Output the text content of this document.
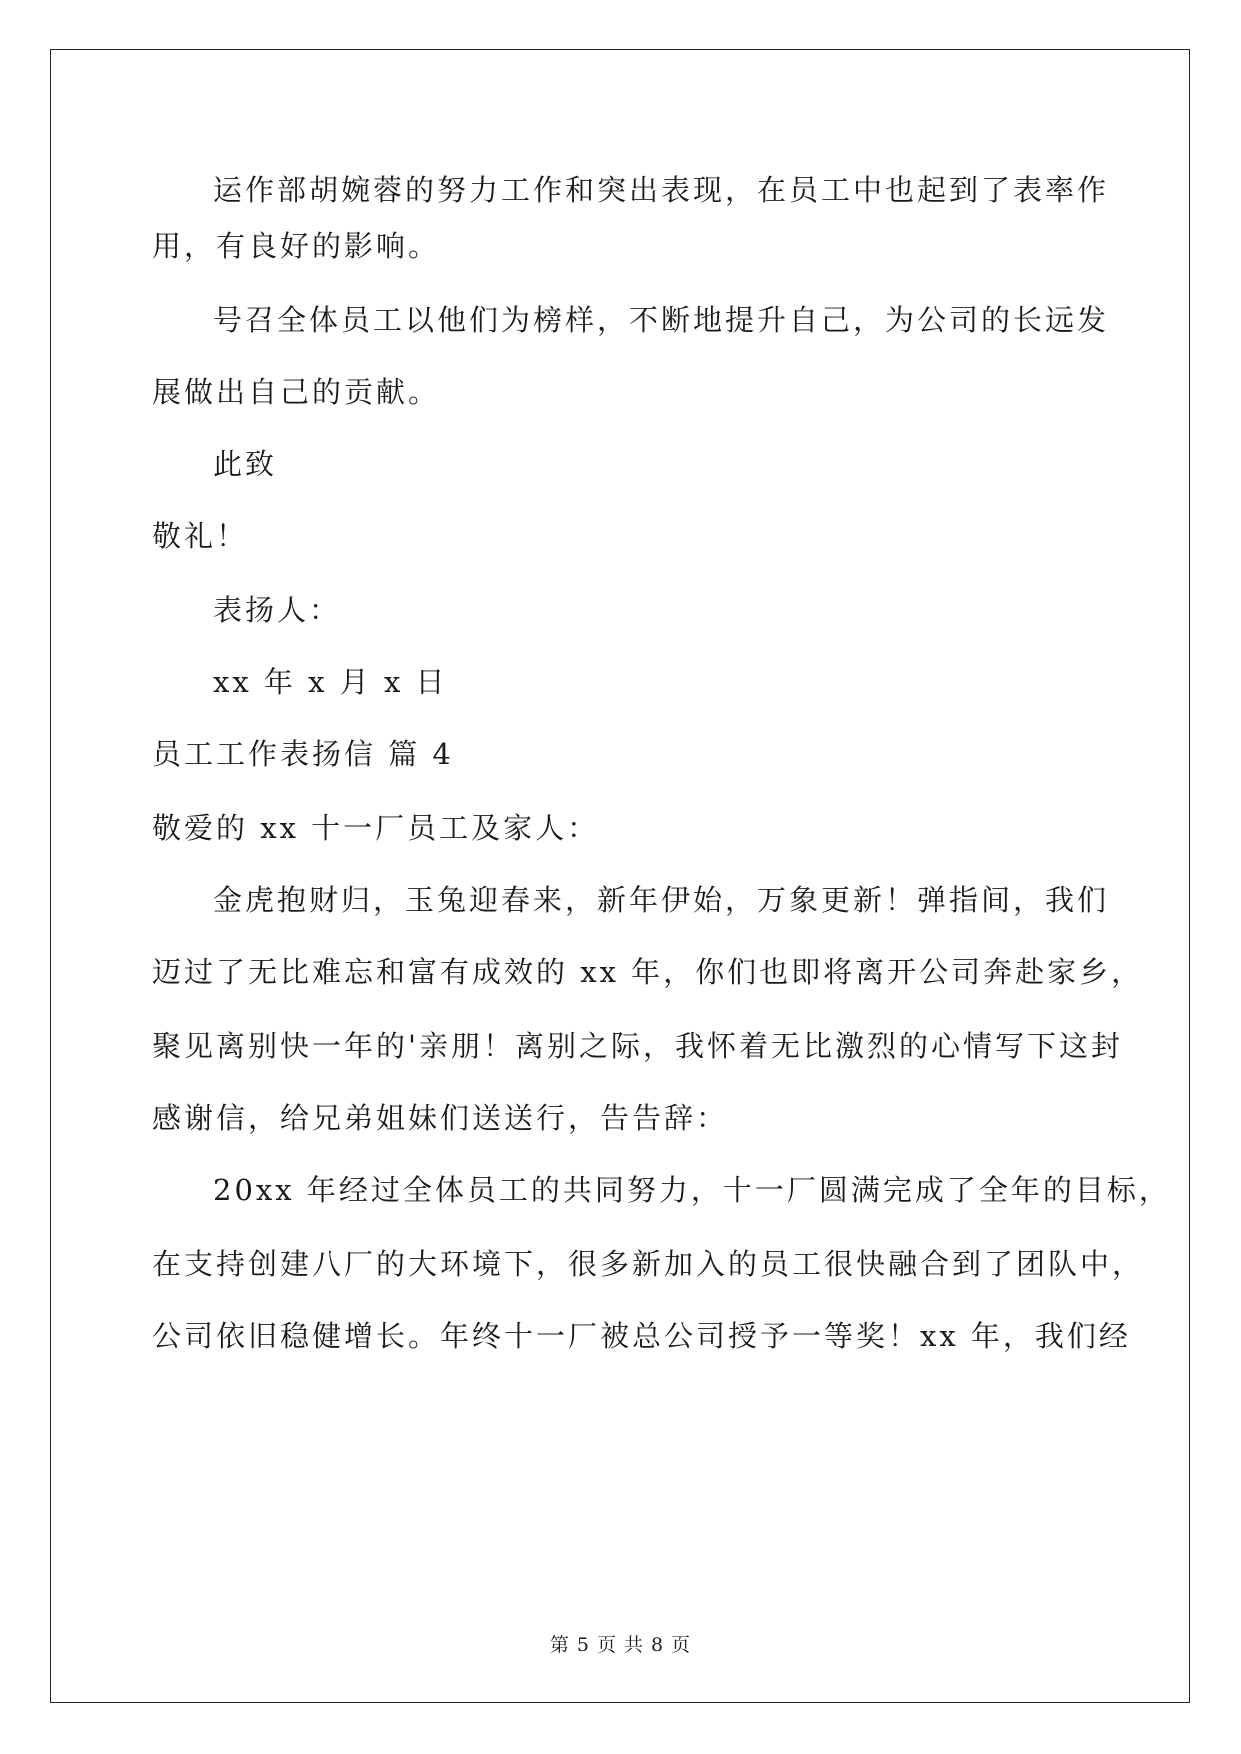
运作部胡婉蓉的努力工作和突出表现，在员工中也起到了表率作
用，有良好的影响。
号召全体员工以他们为榜样，不断地提升自己，为公司的长远发
展做出自己的贡献。
此致
敬礼！
表扬人：
xx 年 x 月 x 日
员工工作表扬信 篇 4
敬爱的 xx 十一厂员工及家人：
金虎抱财归，玉兔迎春来，新年伊始，万象更新！弹指间，我们
迈过了无比难忘和富有成效的 xx 年，你们也即将离开公司奔赴家乡，
聚见离别快一年的'亲朋！离别之际，我怀着无比激烈的心情写下这封
感谢信，给兄弟姐妹们送送行，告告辞：
20xx 年经过全体员工的共同努力，十一厂圆满完成了全年的目标，
在支持创建八厂的大环境下，很多新加入的员工很快融合到了团队中，
公司依旧稳健增长。年终十一厂被总公司授予一等奖！xx 年，我们经
第 5 页 共 8 页
